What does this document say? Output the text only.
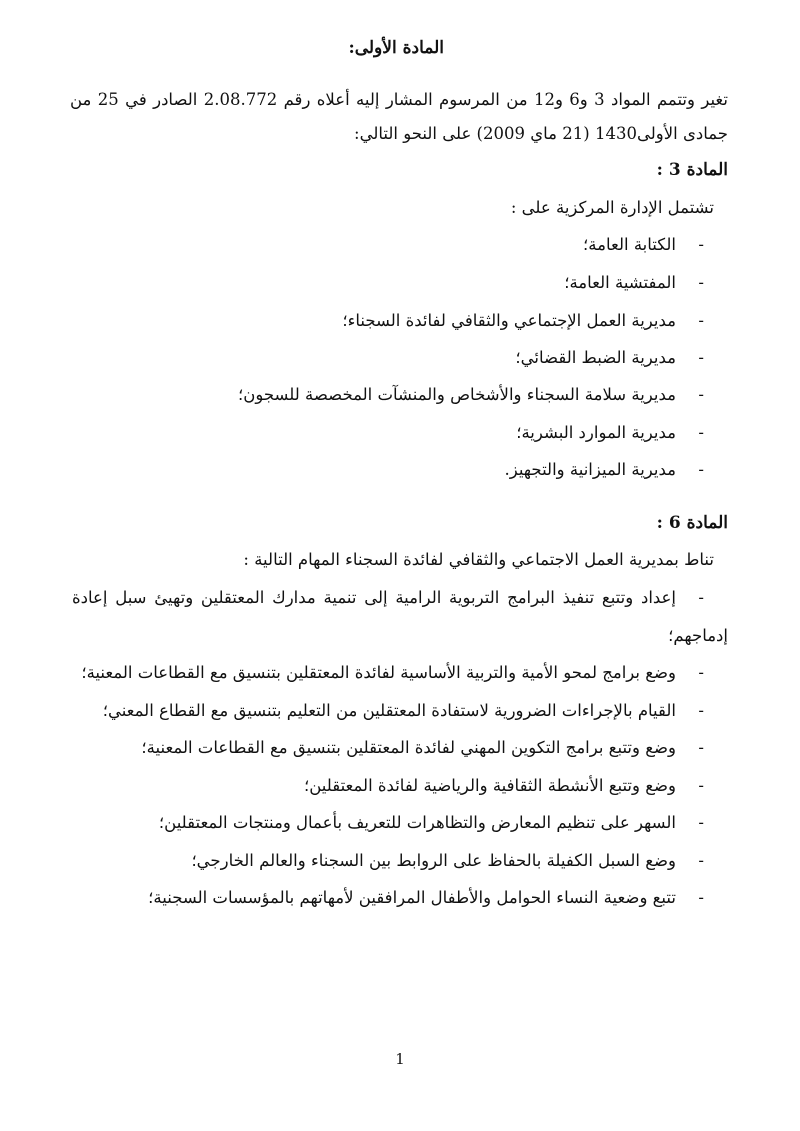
المادة الأولى:
تغير وتتمم المواد 3 و6 و12 من المرسوم المشار إليه أعلاه رقم 2.08.772 الصادر في 25 من
جمادى الأولى1430 (21 ماي 2009) على النحو التالي:
المادة 3 :
تشتمل الإدارة المركزية على :
- الكتابة العامة؛
- المفتشية العامة؛
- مديرية العمل الإجتماعي والثقافي لفائدة السجناء؛
- مديرية الضبط القضائي؛
- مديرية سلامة السجناء والأشخاص والمنشآت المخصصة للسجون؛
- مديرية الموارد البشرية؛
- مديرية الميزانية والتجهيز.
المادة 6 :
تناط بمديرية العمل الاجتماعي والثقافي لفائدة السجناء المهام التالية :
- إعداد وتتبع تنفيذ البرامج التربوية الرامية إلى تنمية مدارك المعتقلين وتهيئ سبل إعادة
إدماجهم؛
- وضع برامج لمحو الأمية والتربية الأساسية لفائدة المعتقلين بتنسيق مع القطاعات المعنية؛
- القيام بالإجراءات الضرورية لاستفادة المعتقلين من التعليم بتنسيق مع القطاع المعني؛
- وضع وتتبع برامج التكوين المهني لفائدة المعتقلين بتنسيق مع القطاعات المعنية؛
- وضع وتتبع الأنشطة الثقافية والرياضية لفائدة المعتقلين؛
- السهر على تنظيم المعارض والتظاهرات للتعريف بأعمال ومنتجات المعتقلين؛
- وضع السبل الكفيلة بالحفاظ على الروابط بين السجناء والعالم الخارجي؛
- تتبع وضعية النساء الحوامل والأطفال المرافقين لأمهاتهم بالمؤسسات السجنية؛
1
